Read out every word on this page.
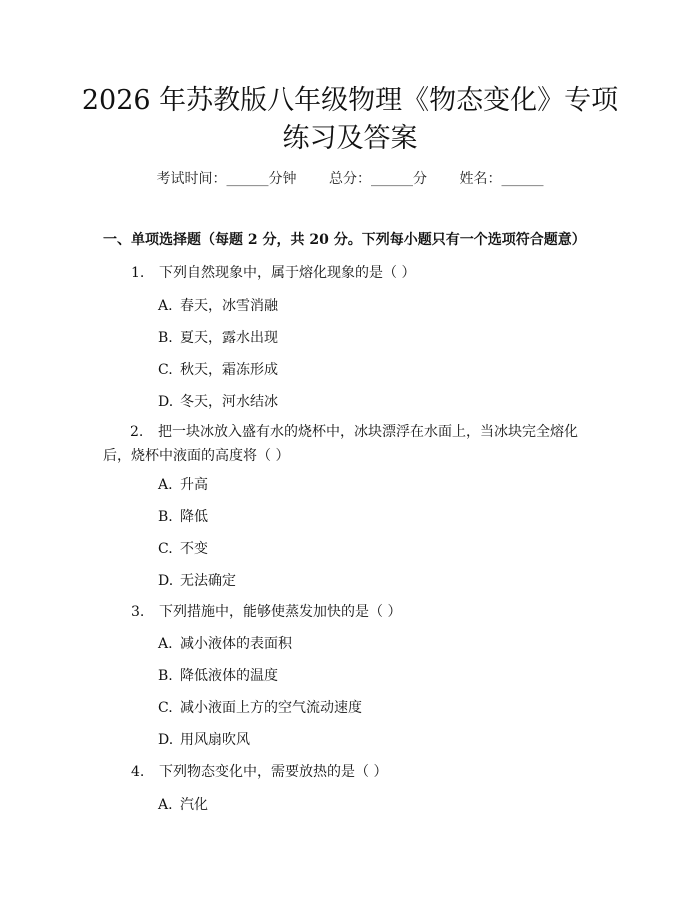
2026 年苏教版八年级物理《物态变化》专项
练习及答案
考试时间：______分钟 总分：______分 姓名：______
一、单项选择题（每题 2 分，共 20 分。下列每小题只有一个选项符合题意）
1. 下列自然现象中，属于熔化现象的是（ ）
A. 春天，冰雪消融
B. 夏天，露水出现
C. 秋天，霜冻形成
D. 冬天，河水结冰
2. 把一块冰放入盛有水的烧杯中，冰块漂浮在水面上，当冰块完全熔化后，烧杯中液面的高度将（ ）
A. 升高
B. 降低
C. 不变
D. 无法确定
3. 下列措施中，能够使蒸发加快的是（ ）
A. 减小液体的表面积
B. 降低液体的温度
C. 减小液面上方的空气流动速度
D. 用风扇吹风
4. 下列物态变化中，需要放热的是（ ）
A. 汽化
